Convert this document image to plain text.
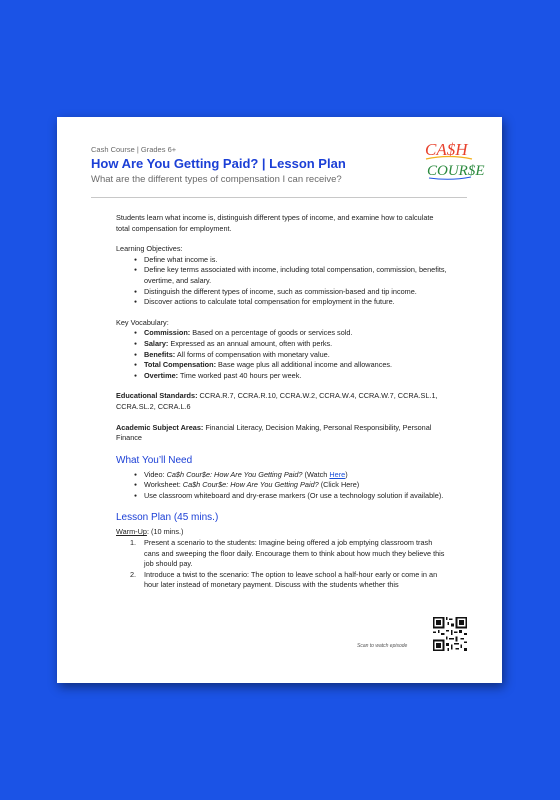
Cash Course | Grades 6+
How Are You Getting Paid? | Lesson Plan
What are the different types of compensation I can receive?
CA$H
COUR$E

Students learn what income is, distinguish different types of income, and examine how to calculate total compensation for employment.

Learning Objectives:

● Define what income is.
● Define key terms associated with income, including total compensation, commission, benefits, overtime, and salary.
● Distinguish the different types of income, such as commission-based and tip income.
● Discover actions to calculate total compensation for employment in the future.

Key Vocabulary:

● Commission: Based on a percentage of goods or services sold.
● Salary: Expressed as an annual amount, often with perks.
● Benefits: All forms of compensation with monetary value.
● Total Compensation: Base wage plus all additional income and allowances.
● Overtime: Time worked past 40 hours per week.

Educational Standards: CCRA.R.7, CCRA.R.10, CCRA.W.2, CCRA.W.4, CCRA.W.7, CCRA.SL.1, CCRA.SL.2, CCRA.L.6

Academic Subject Areas: Financial Literacy, Decision Making, Personal Responsibility, Personal Finance

What You’ll Need
● Video: Ca$h Cour$e: How Are You Getting Paid? (Watch Here)
● Worksheet: Ca$h Cour$e: How Are You Getting Paid? (Click Here)
● Use classroom whiteboard and dry-erase markers (Or use a technology solution if available).
Lesson Plan (45 mins.)

Warm-Up: (10 mins.)

1. Present a scenario to the students: Imagine being offered a job emptying classroom trash cans and sweeping the floor daily. Encourage them to think about how much they believe this job should pay.
2. Introduce a twist to the scenario: The option to leave school a half-hour early or come in an hour later instead of monetary payment. Discuss with the students whether this
Scan to watch episode
